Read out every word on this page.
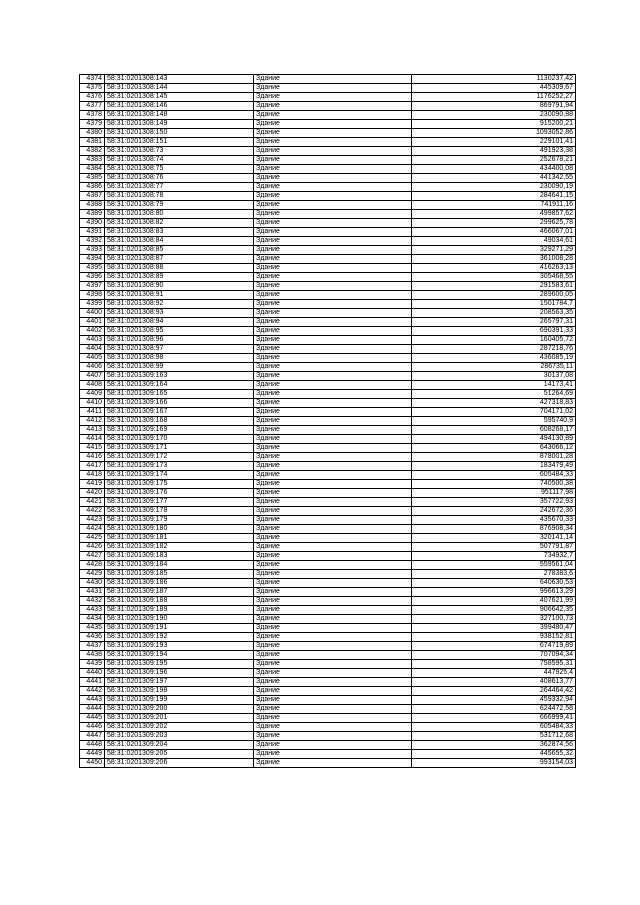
4374	58:31:0201308:143	Здание	1130237,42
4375	58:31:0201308:144	Здание	445309,67
4376	58:31:0201308:145	Здание	1176252,27
4377	58:31:0201308:146	Здание	869791,94
4378	58:31:0201308:148	Здание	230090,88
4379	58:31:0201308:149	Здание	915200,21
4380	58:31:0201308:150	Здание	1093052,86
4381	58:31:0201308:151	Здание	229101,41
4382	58:31:0201308:73	Здание	491923,38
4383	58:31:0201308:74	Здание	252678,21
4384	58:31:0201308:75	Здание	434400,08
4385	58:31:0201308:76	Здание	441342,55
4386	58:31:0201308:77	Здание	230090,19
4387	58:31:0201308:78	Здание	284641,15
4388	58:31:0201308:79	Здание	741911,16
4389	58:31:0201308:80	Здание	499857,62
4390	58:31:0201308:82	Здание	299625,78
4391	58:31:0201308:83	Здание	466067,01
4392	58:31:0201308:84	Здание	49034,61
4393	58:31:0201308:85	Здание	329271,29
4394	58:31:0201308:87	Здание	361008,28
4395	58:31:0201308:88	Здание	416263,13
4396	58:31:0201308:89	Здание	305468,55
4397	58:31:0201308:90	Здание	291583,61
4398	58:31:0201308:91	Здание	289600,05
4399	58:31:0201308:92	Здание	1501784,7
4400	58:31:0201308:93	Здание	208563,35
4401	58:31:0201308:94	Здание	265797,31
4402	58:31:0201308:95	Здание	690391,33
4403	58:31:0201308:96	Здание	160405,72
4404	58:31:0201308:97	Здание	287218,76
4405	58:31:0201308:98	Здание	436085,19
4406	58:31:0201308:99	Здание	286735,11
4407	58:31:0201309:163	Здание	30137,08
4408	58:31:0201309:164	Здание	14173,41
4409	58:31:0201309:165	Здание	51264,69
4410	58:31:0201309:166	Здание	427318,83
4411	58:31:0201309:167	Здание	704171,02
4412	58:31:0201309:168	Здание	595740,9
4413	58:31:0201309:169	Здание	608268,17
4414	58:31:0201309:170	Здание	494130,89
4415	58:31:0201309:171	Здание	643066,12
4416	58:31:0201309:172	Здание	878001,28
4417	58:31:0201309:173	Здание	183479,49
4418	58:31:0201309:174	Здание	605484,33
4419	58:31:0201309:175	Здание	740500,38
4420	58:31:0201309:176	Здание	951117,98
4421	58:31:0201309:177	Здание	357722,93
4422	58:31:0201309:178	Здание	242672,36
4423	58:31:0201309:179	Здание	435670,33
4424	58:31:0201309:180	Здание	876908,34
4425	58:31:0201309:181	Здание	320141,14
4426	58:31:0201309:182	Здание	507791,87
4427	58:31:0201309:183	Здание	734932,7
4428	58:31:0201309:184	Здание	559561,04
4429	58:31:0201309:185	Здание	278383,6
4430	58:31:0201309:186	Здание	640630,53
4431	58:31:0201309:187	Здание	996613,29
4432	58:31:0201309:188	Здание	407621,99
4433	58:31:0201309:189	Здание	906642,35
4434	58:31:0201309:190	Здание	327100,73
4435	58:31:0201309:191	Здание	399480,47
4436	58:31:0201309:192	Здание	938152,81
4437	58:31:0201309:193	Здание	674719,89
4438	58:31:0201309:194	Здание	707094,34
4439	58:31:0201309:195	Здание	758595,31
4440	58:31:0201309:196	Здание	447925,4
4441	58:31:0201309:197	Здание	408613,77
4442	58:31:0201309:198	Здание	264464,42
4443	58:31:0201309:199	Здание	459332,94
4444	58:31:0201309:200	Здание	624472,58
4445	58:31:0201309:201	Здание	666999,41
4446	58:31:0201309:202	Здание	605484,33
4447	58:31:0201309:203	Здание	531712,68
4448	58:31:0201309:204	Здание	362874,56
4449	58:31:0201309:205	Здание	445655,32
4450	58:31:0201309:206	Здание	993154,03
